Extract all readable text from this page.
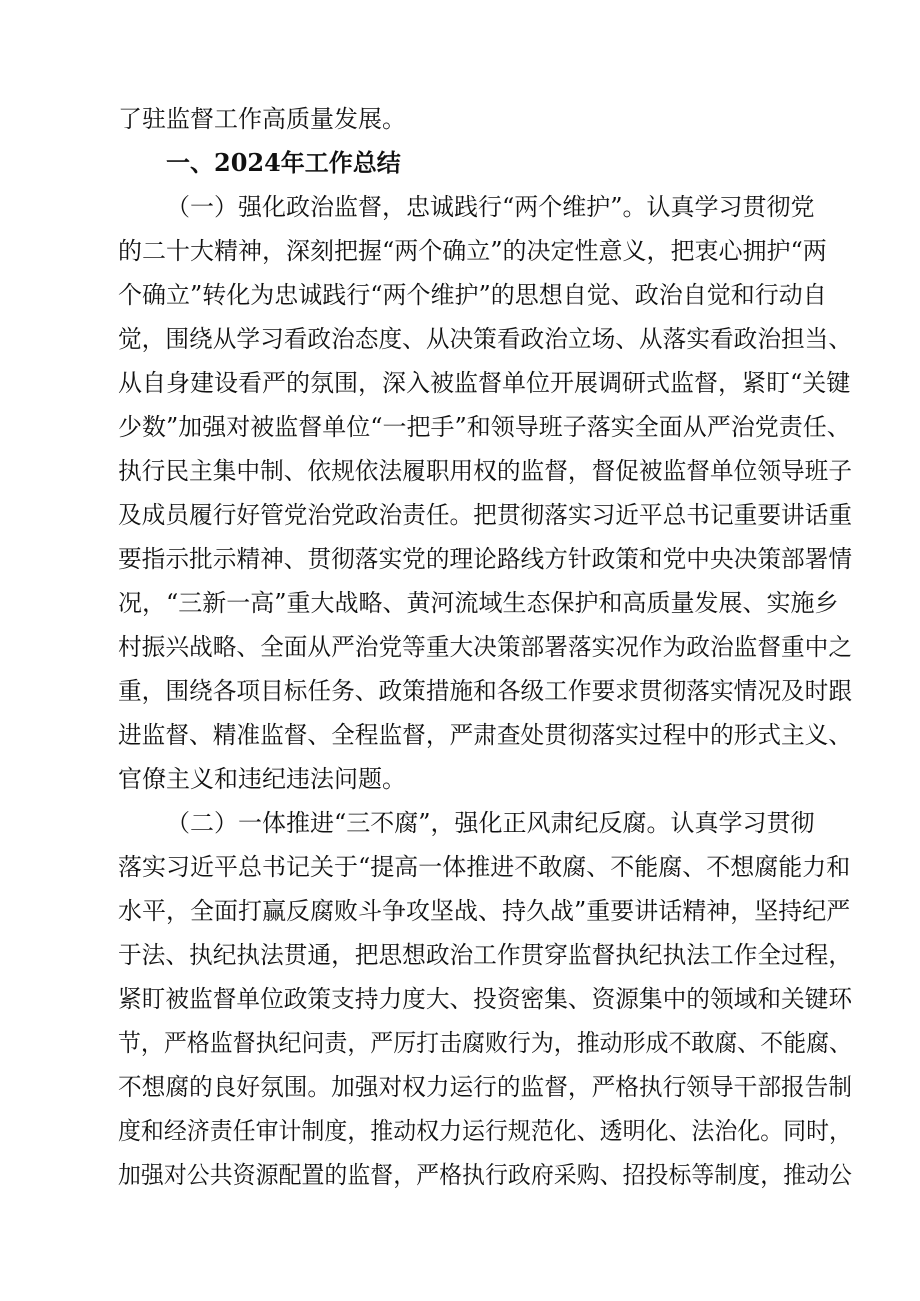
了驻监督工作高质量发展。
一、2024年工作总结
（一）强化政治监督，忠诚践行“两个维护”。认真学习贯彻党
的二十大精神，深刻把握“两个确立”的决定性意义，把衷心拥护“两
个确立”转化为忠诚践行“两个维护”的思想自觉、政治自觉和行动自
觉，围绕从学习看政治态度、从决策看政治立场、从落实看政治担当、
从自身建设看严的氛围，深入被监督单位开展调研式监督，紧盯“关键
少数”加强对被监督单位“一把手”和领导班子落实全面从严治党责任、
执行民主集中制、依规依法履职用权的监督，督促被监督单位领导班子
及成员履行好管党治党政治责任。把贯彻落实习近平总书记重要讲话重
要指示批示精神、贯彻落实党的理论路线方针政策和党中央决策部署情
况，“三新一高”重大战略、黄河流域生态保护和高质量发展、实施乡
村振兴战略、全面从严治党等重大决策部署落实况作为政治监督重中之
重，围绕各项目标任务、政策措施和各级工作要求贯彻落实情况及时跟
进监督、精准监督、全程监督，严肃查处贯彻落实过程中的形式主义、
官僚主义和违纪违法问题。
（二）一体推进“三不腐”，强化正风肃纪反腐。认真学习贯彻
落实习近平总书记关于“提高一体推进不敢腐、不能腐、不想腐能力和
水平，全面打赢反腐败斗争攻坚战、持久战”重要讲话精神，坚持纪严
于法、执纪执法贯通，把思想政治工作贯穿监督执纪执法工作全过程，
紧盯被监督单位政策支持力度大、投资密集、资源集中的领域和关键环
节，严格监督执纪问责，严厉打击腐败行为，推动形成不敢腐、不能腐、
不想腐的良好氛围。加强对权力运行的监督，严格执行领导干部报告制
度和经济责任审计制度，推动权力运行规范化、透明化、法治化。同时，
加强对公共资源配置的监督，严格执行政府采购、招投标等制度，推动公
